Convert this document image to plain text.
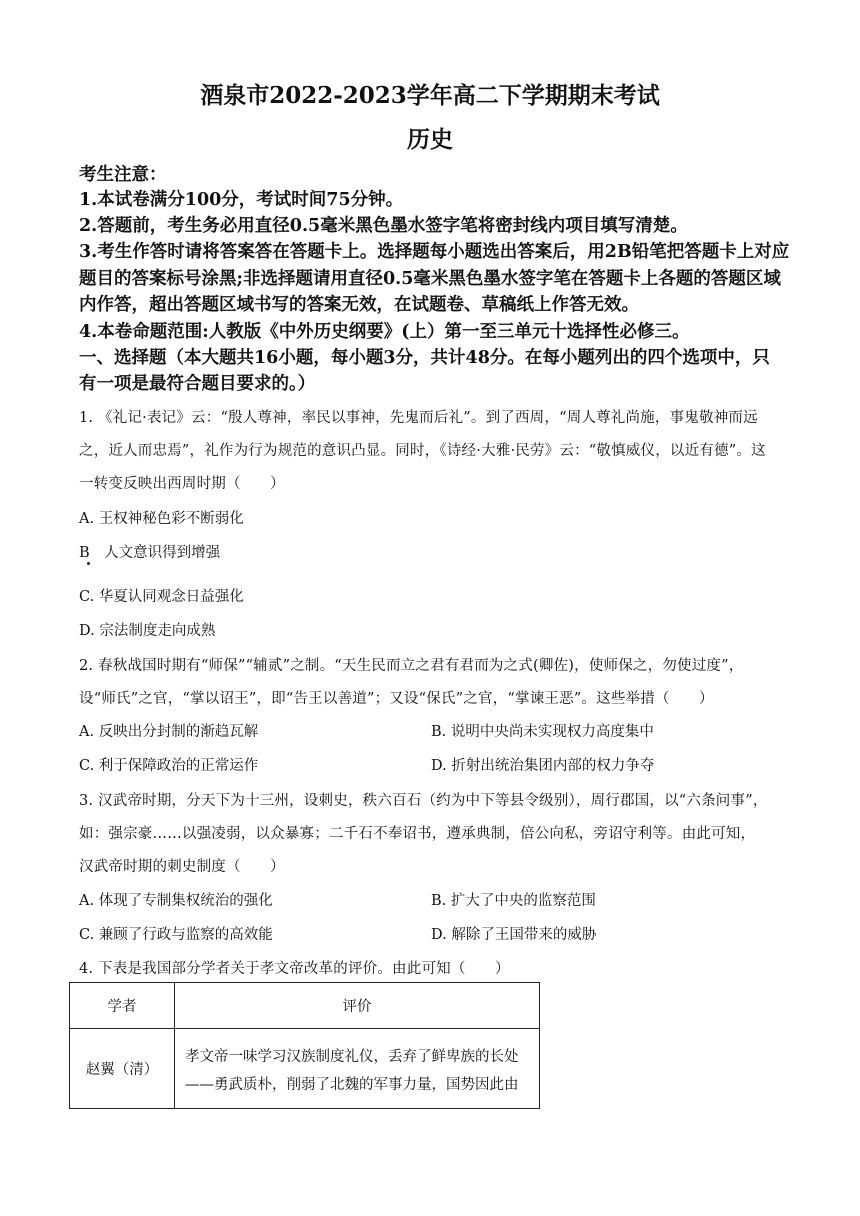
酒泉市2022-2023学年高二下学期期末考试
历史
考生注意：
1.本试卷满分100分，考试时间75分钟。
2.答题前，考生务必用直径0.5毫米黑色墨水签字笔将密封线内项目填写清楚。
3.考生作答时请将答案答在答题卡上。选择题每小题选出答案后，用2B铅笔把答题卡上对应
题目的答案标号涂黑;非选择题请用直径0.5毫米黑色墨水签字笔在答题卡上各题的答题区域
内作答，超出答题区域书写的答案无效，在试题卷、草稿纸上作答无效。
4.本卷命题范围:人教版《中外历史纲要》(上）第一至三单元十选择性必修三。
一、选择题（本大题共16小题，每小题3分，共计48分。在每小题列出的四个选项中，只
有一项是最符合题目要求的。）
1. 《礼记·表记》云：“殷人尊神，率民以事神，先鬼而后礼”。到了西周，“周人尊礼尚施，事鬼敬神而远
之，近人而忠焉”，礼作为行为规范的意识凸显。同时，《诗经·大雅·民劳》云：“敬慎威仪，以近有德”。这
一转变反映出西周时期（　　）
A. 王权神秘色彩不断弱化
B　人文意识得到增强
C. 华夏认同观念日益强化
D. 宗法制度走向成熟
2. 春秋战国时期有“师保”“辅贰”之制。“天生民而立之君有君而为之式(卿佐)，使师保之，勿使过度”，
设“师氏”之官，“掌以诏王”，即“告王以善道”；又设“保氏”之官，“掌谏王恶”。这些举措（　　）
A. 反映出分封制的渐趋瓦解	B. 说明中央尚未实现权力高度集中
C. 利于保障政治的正常运作	D. 折射出统治集团内部的权力争夺
3. 汉武帝时期，分天下为十三州，设刺史，秩六百石（约为中下等县令级别），周行郡国，以“六条问事”，
如：强宗豪……以强凌弱，以众暴寡；二千石不奉诏书，遵承典制，倍公向私，旁诏守利等。由此可知，
汉武帝时期的刺史制度（　　）
A. 体现了专制集权统治的强化	B. 扩大了中央的监察范围
C. 兼顾了行政与监察的高效能	D. 解除了王国带来的威胁
4. 下表是我国部分学者关于孝文帝改革的评价。由此可知（　　）
学者	评价
赵翼（清）	孝文帝一味学习汉族制度礼仪，丢弃了鲜卑族的长处
——勇武质朴，削弱了北魏的军事力量，国势因此由
